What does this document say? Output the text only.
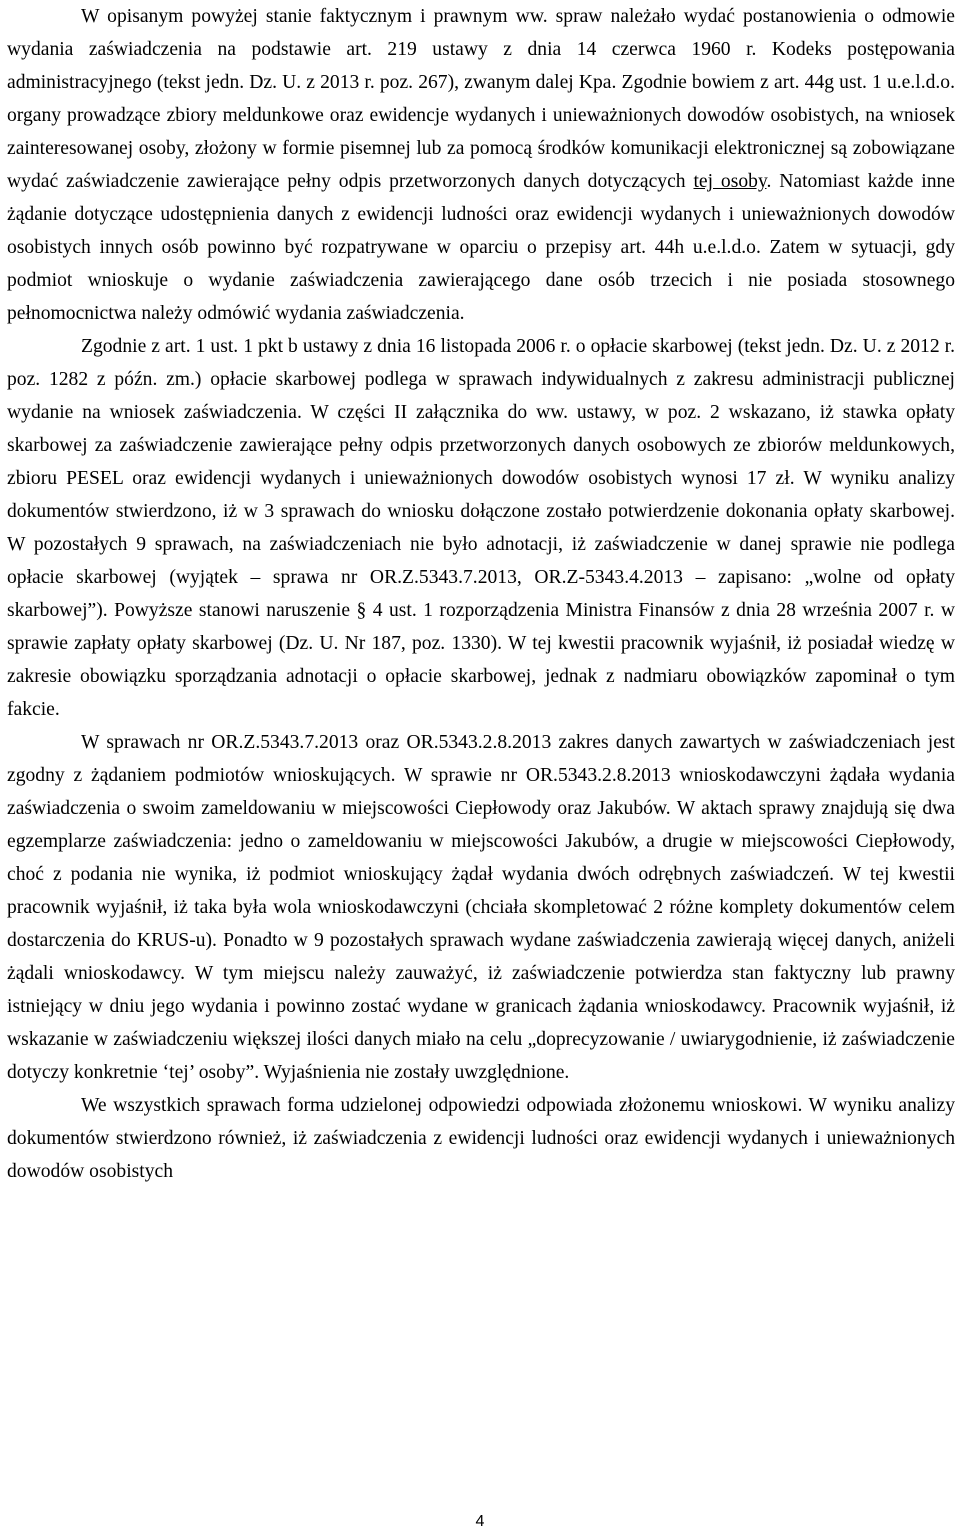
W opisanym powyżej stanie faktycznym i prawnym ww. spraw należało wydać postanowienia o odmowie wydania zaświadczenia na podstawie art. 219 ustawy z dnia 14 czerwca 1960 r. Kodeks postępowania administracyjnego (tekst jedn. Dz. U. z 2013 r. poz. 267), zwanym dalej Kpa. Zgodnie bowiem z art. 44g ust. 1 u.e.l.d.o. organy prowadzące zbiory meldunkowe oraz ewidencje wydanych i unieważnionych dowodów osobistych, na wniosek zainteresowanej osoby, złożony w formie pisemnej lub za pomocą środków komunikacji elektronicznej są zobowiązane wydać zaświadczenie zawierające pełny odpis przetworzonych danych dotyczących tej osoby. Natomiast każde inne żądanie dotyczące udostępnienia danych z ewidencji ludności oraz ewidencji wydanych i unieważnionych dowodów osobistych innych osób powinno być rozpatrywane w oparciu o przepisy art. 44h u.e.l.d.o. Zatem w sytuacji, gdy podmiot wnioskuje o wydanie zaświadczenia zawierającego dane osób trzecich i nie posiada stosownego pełnomocnictwa należy odmówić wydania zaświadczenia.

Zgodnie z art. 1 ust. 1 pkt b ustawy z dnia 16 listopada 2006 r. o opłacie skarbowej (tekst jedn. Dz. U. z 2012 r. poz. 1282 z późn. zm.) opłacie skarbowej podlega w sprawach indywidualnych z zakresu administracji publicznej wydanie na wniosek zaświadczenia. W części II załącznika do ww. ustawy, w poz. 2 wskazano, iż stawka opłaty skarbowej za zaświadczenie zawierające pełny odpis przetworzonych danych osobowych ze zbiorów meldunkowych, zbioru PESEL oraz ewidencji wydanych i unieważnionych dowodów osobistych wynosi 17 zł. W wyniku analizy dokumentów stwierdzono, iż w 3 sprawach do wniosku dołączone zostało potwierdzenie dokonania opłaty skarbowej. W pozostałych 9 sprawach, na zaświadczeniach nie było adnotacji, iż zaświadczenie w danej sprawie nie podlega opłacie skarbowej (wyjątek – sprawa nr OR.Z.5343.7.2013, OR.Z-5343.4.2013 – zapisano: „wolne od opłaty skarbowej”). Powyższe stanowi naruszenie § 4 ust. 1 rozporządzenia Ministra Finansów z dnia 28 września 2007 r. w sprawie zapłaty opłaty skarbowej (Dz. U. Nr 187, poz. 1330). W tej kwestii pracownik wyjaśnił, iż posiadał wiedzę w zakresie obowiązku sporządzania adnotacji o opłacie skarbowej, jednak z nadmiaru obowiązków zapominał o tym fakcie.

W sprawach nr OR.Z.5343.7.2013 oraz OR.5343.2.8.2013 zakres danych zawartych w zaświadczeniach jest zgodny z żądaniem podmiotów wnioskujących. W sprawie nr OR.5343.2.8.2013 wnioskodawczyni żądała wydania zaświadczenia o swoim zameldowaniu w miejscowości Ciepłowody oraz Jakubów. W aktach sprawy znajdują się dwa egzemplarze zaświadczenia: jedno o zameldowaniu w miejscowości Jakubów, a drugie w miejscowości Ciepłowody, choć z podania nie wynika, iż podmiot wnioskujący żądał wydania dwóch odrębnych zaświadczeń. W tej kwestii pracownik wyjaśnił, iż taka była wola wnioskodawczyni (chciała skompletować 2 różne komplety dokumentów celem dostarczenia do KRUS-u). Ponadto w 9 pozostałych sprawach wydane zaświadczenia zawierają więcej danych, aniżeli żądali wnioskodawcy. W tym miejscu należy zauważyć, iż zaświadczenie potwierdza stan faktyczny lub prawny istniejący w dniu jego wydania i powinno zostać wydane w granicach żądania wnioskodawcy. Pracownik wyjaśnił, iż wskazanie w zaświadczeniu większej ilości danych miało na celu „doprecyzowanie / uwiarygodnienie, iż zaświadczenie dotyczy konkretnie ‘tej’ osoby”. Wyjaśnienia nie zostały uwzględnione.

We wszystkich sprawach forma udzielonej odpowiedzi odpowiada złożonemu wnioskowi. W wyniku analizy dokumentów stwierdzono również, iż zaświadczenia z ewidencji ludności oraz ewidencji wydanych i unieważnionych dowodów osobistych

4
